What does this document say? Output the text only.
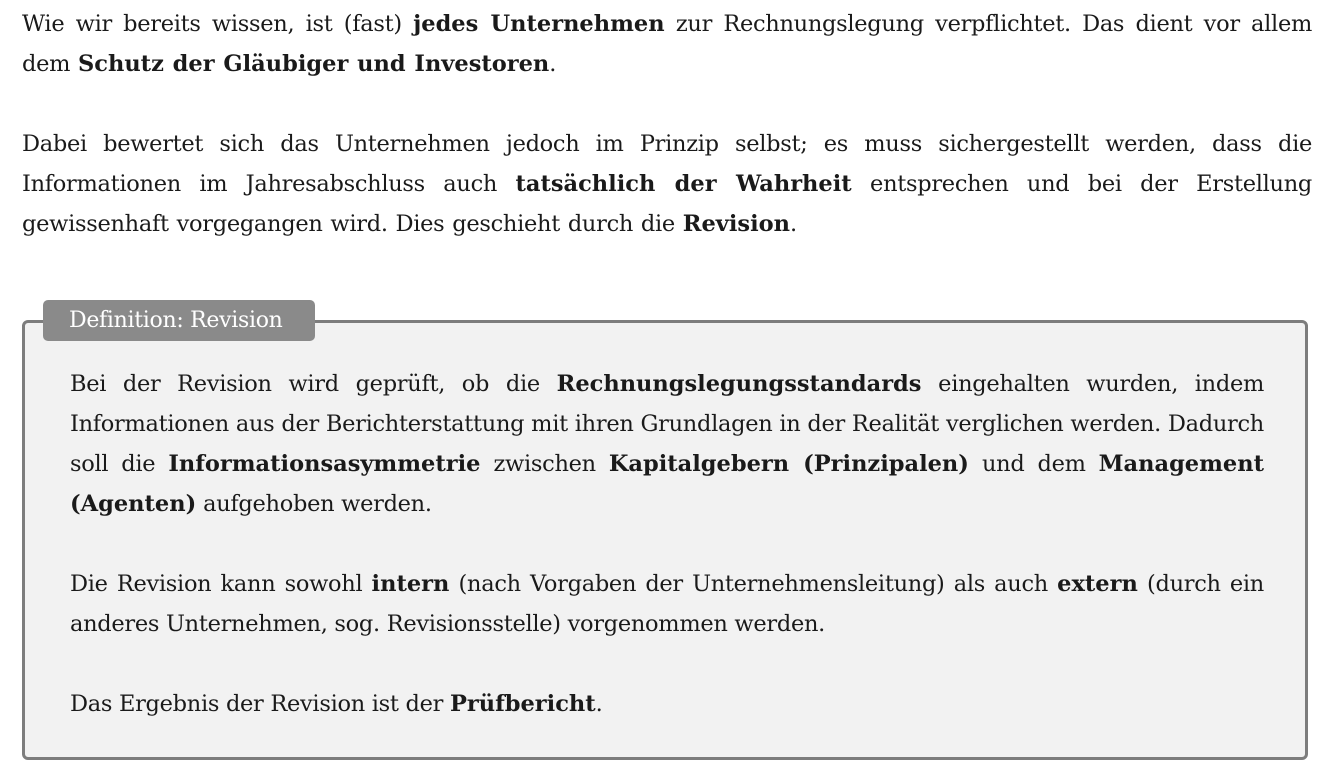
Wie wir bereits wissen, ist (fast) jedes Unternehmen zur Rechnungslegung verpflichtet. Das dient vor allem dem Schutz der Gläubiger und Investoren.

Dabei bewertet sich das Unternehmen jedoch im Prinzip selbst; es muss sichergestellt werden, dass die Informationen im Jahresabschluss auch tatsächlich der Wahrheit entsprechen und bei der Erstellung gewissenhaft vorgegangen wird. Dies geschieht durch die Revision.

Definition: Revision

Bei der Revision wird geprüft, ob die Rechnungslegungsstandards eingehalten wurden, indem Informationen aus der Berichterstattung mit ihren Grundlagen in der Realität verglichen werden. Dadurch soll die Informationsasymmetrie zwischen Kapitalgebern (Prinzipalen) und dem Management (Agenten) aufgehoben werden.

Die Revision kann sowohl intern (nach Vorgaben der Unternehmensleitung) als auch extern (durch ein anderes Unternehmen, sog. Revisionsstelle) vorgenommen werden.

Das Ergebnis der Revision ist der Prüfbericht.
